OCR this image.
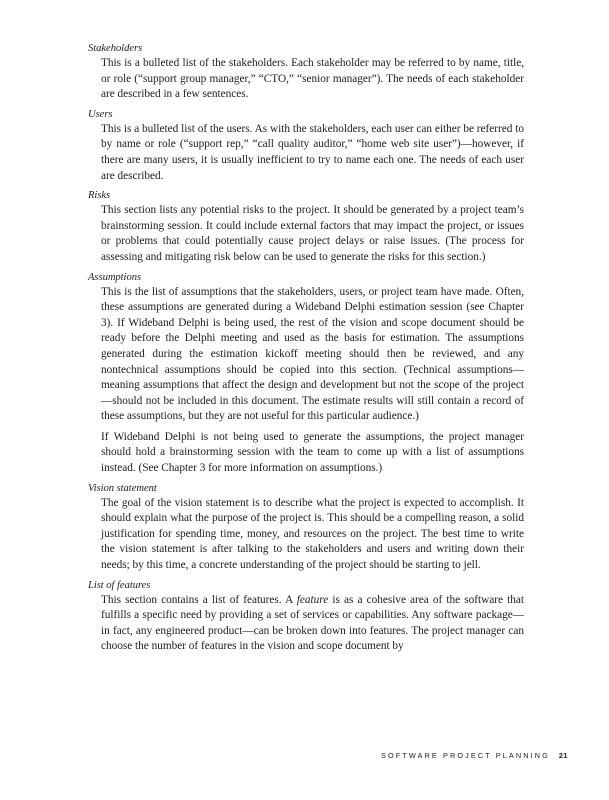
Stakeholders

This is a bulleted list of the stakeholders. Each stakeholder may be referred to by name, title, or role (“support group manager,” “CTO,” “senior manager”). The needs of each stakeholder are described in a few sentences.

Users

This is a bulleted list of the users. As with the stakeholders, each user can either be referred to by name or role (“support rep,” “call quality auditor,” “home web site user”)—however, if there are many users, it is usually inefficient to try to name each one. The needs of each user are described.

Risks

This section lists any potential risks to the project. It should be generated by a project team’s brainstorming session. It could include external factors that may impact the project, or issues or problems that could potentially cause project delays or raise issues. (The process for assessing and mitigating risk below can be used to generate the risks for this section.)

Assumptions

This is the list of assumptions that the stakeholders, users, or project team have made. Often, these assumptions are generated during a Wideband Delphi estimation session (see Chapter 3). If Wideband Delphi is being used, the rest of the vision and scope document should be ready before the Delphi meeting and used as the basis for estimation. The assumptions generated during the estimation kickoff meeting should then be reviewed, and any nontechnical assumptions should be copied into this section. (Technical assumptions—meaning assumptions that affect the design and development but not the scope of the project—should not be included in this document. The estimate results will still contain a record of these assumptions, but they are not useful for this particular audience.)

If Wideband Delphi is not being used to generate the assumptions, the project manager should hold a brainstorming session with the team to come up with a list of assumptions instead. (See Chapter 3 for more information on assumptions.)

Vision statement

The goal of the vision statement is to describe what the project is expected to accomplish. It should explain what the purpose of the project is. This should be a compelling reason, a solid justification for spending time, money, and resources on the project. The best time to write the vision statement is after talking to the stakeholders and users and writing down their needs; by this time, a concrete understanding of the project should be starting to jell.

List of features

This section contains a list of features. A feature is as a cohesive area of the software that fulfills a specific need by providing a set of services or capabilities. Any software package—in fact, any engineered product—can be broken down into features. The project manager can choose the number of features in the vision and scope document by

SOFTWARE PROJECT PLANNING 21
